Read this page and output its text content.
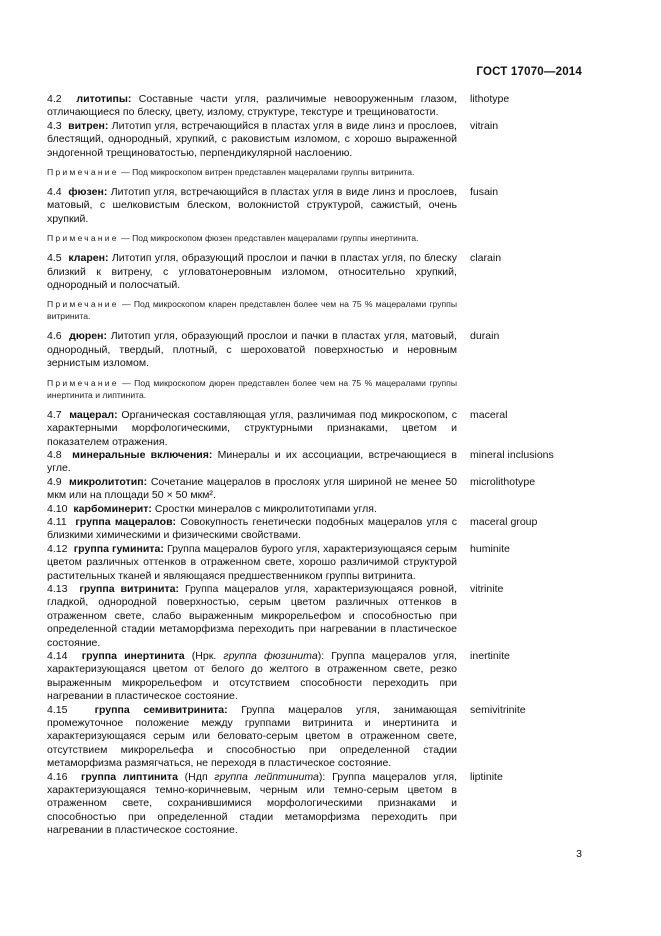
ГОСТ 17070—2014
4.2 литотипы: Составные части угля, различимые невооруженным глазом, отличающиеся по блеску, цвету, излому, структуре, текстуре и трещиноватости.
lithotype
4.3 витрен: Литотип угля, встречающийся в пластах угля в виде линз и прослоев, блестящий, однородный, хрупкий, с раковистым изломом, с хорошо выраженной эндогенной трещиноватостью, перпендикулярной наслоению.
vitrain
Примечание — Под микроскопом витрен представлен мацералами группы витринита.
4.4 фюзен: Литотип угля, встречающийся в пластах угля в виде линз и прослоев, матовый, с шелковистым блеском, волокнистой структурой, сажистый, очень хрупкий.
fusain
Примечание — Под микроскопом фюзен представлен мацералами группы инертинита.
4.5 кларен: Литотип угля, образующий прослои и пачки в пластах угля, по блеску близкий к витрену, с угловатонеровным изломом, относительно хрупкий, однородный и полосчатый.
clarain
Примечание — Под микроскопом кларен представлен более чем на 75 % мацералами группы витринита.
4.6 дюрен: Литотип угля, образующий прослои и пачки в пластах угля, матовый, однородный, твердый, плотный, с шероховатой поверхностью и неровным зернистым изломом.
durain
Примечание — Под микроскопом дюрен представлен более чем на 75 % мацералами группы инертинита и липтинита.
4.7 мацерал: Органическая составляющая угля, различимая под микроскопом, с характерными морфологическими, структурными признаками, цветом и показателем отражения.
maceral
4.8 минеральные включения: Минералы и их ассоциации, встречающиеся в угле.
mineral inclusions
4.9 микролитотип: Сочетание мацералов в прослоях угля шириной не менее 50 мкм или на площади 50 × 50 мкм².
microlithotype
4.10 карбоминерит: Сростки минералов с микролитотипами угля.
4.11 группа мацералов: Совокупность генетически подобных мацералов угля с близкими химическими и физическими свойствами.
maceral group
4.12 группа гуминита: Группа мацералов бурого угля, характеризующаяся серым цветом различных оттенков в отраженном свете, хорошо различимой структурой растительных тканей и являющаяся предшественником группы витринита.
huminite
4.13 группа витринита: Группа мацералов угля, характеризующаяся ровной, гладкой, однородной поверхностью, серым цветом различных оттенков в отраженном свете, слабо выраженным микрорельефом и способностью при определенной стадии метаморфизма переходить при нагревании в пластическое состояние.
vitrinite
4.14 группа инертинита (Нрк. группа фюзинита): Группа мацералов угля, характеризующаяся цветом от белого до желтого в отраженном свете, резко выраженным микрорельефом и отсутствием способности переходить при нагревании в пластическое состояние.
inertinite
4.15	группа семивитринита: Группа мацералов угля, занимающая промежуточное положение между группами витринита и инертинита и характеризующаяся серым или беловато-серым цветом в отраженном свете, отсутствием микрорельефа и способностью при определенной стадии метаморфизма размягчаться, не переходя в пластическое состояние.
semivitrinite
4.16 группа липтинита (Ндп группа лейптинита): Группа мацералов угля, характеризующаяся темно-коричневым, черным или темно-серым цветом в отраженном свете, сохранившимися морфологическими признаками и способностью при определенной стадии метаморфизма переходить при нагревании в пластическое состояние.
liptinite
3
